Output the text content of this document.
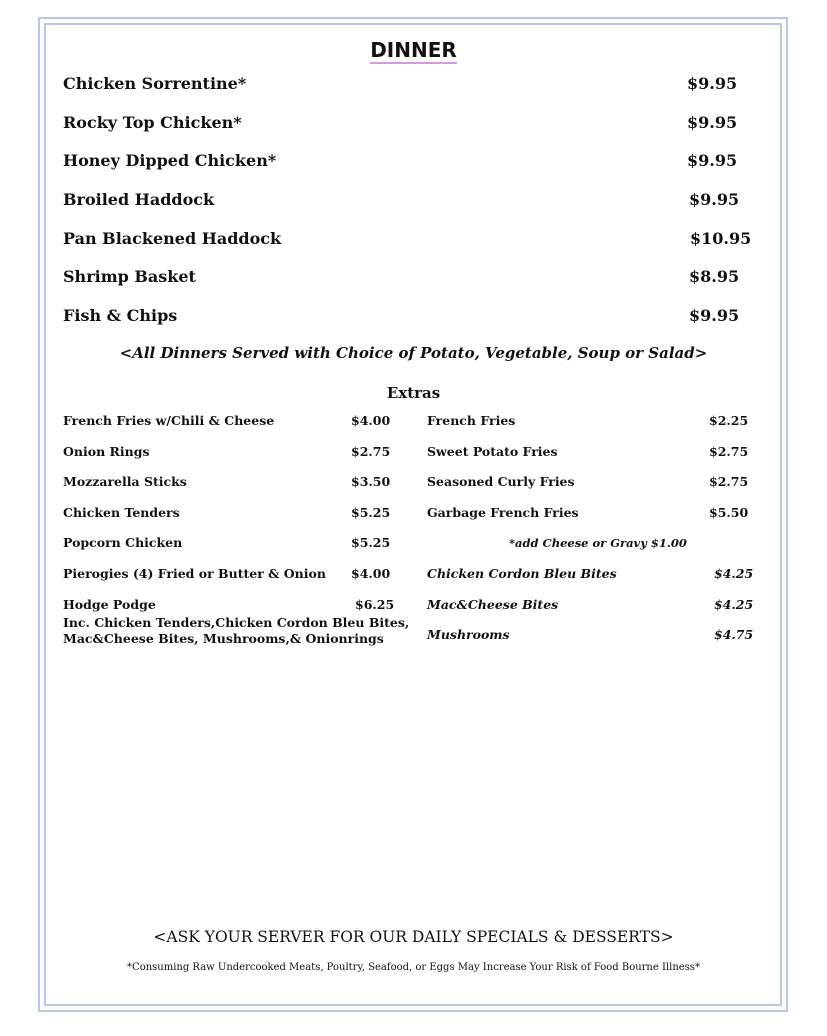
DINNER
Chicken Sorrentine*	$9.95
Rocky Top Chicken*	$9.95
Honey Dipped Chicken*	$9.95
Broiled Haddock	$9.95
Pan Blackened Haddock	$10.95
Shrimp Basket	$8.95
Fish & Chips	$9.95
<All Dinners Served with Choice of Potato, Vegetable, Soup or Salad>
Extras
French Fries w/Chili & Cheese	$4.00
Onion Rings	$2.75
Mozzarella Sticks	$3.50
Chicken Tenders	$5.25
Popcorn Chicken	$5.25
Pierogies (4) Fried or Butter & Onion $4.00
Hodge Podge	$6.25
Inc. Chicken Tenders,Chicken Cordon Bleu Bites,
Mac&Cheese Bites, Mushrooms,& Onionrings
French Fries	$2.25
Sweet Potato Fries	$2.75
Seasoned Curly Fries	$2.75
Garbage French Fries	$5.50
*add Cheese or Gravy $1.00
Chicken Cordon Bleu Bites	$4.25
Mac&Cheese Bites	$4.25
Mushrooms	$4.75
<ASK YOUR SERVER FOR OUR DAILY SPECIALS & DESSERTS>
*Consuming Raw Undercooked Meats, Poultry, Seafood, or Eggs May Increase Your Risk of Food Bourne Illness*
